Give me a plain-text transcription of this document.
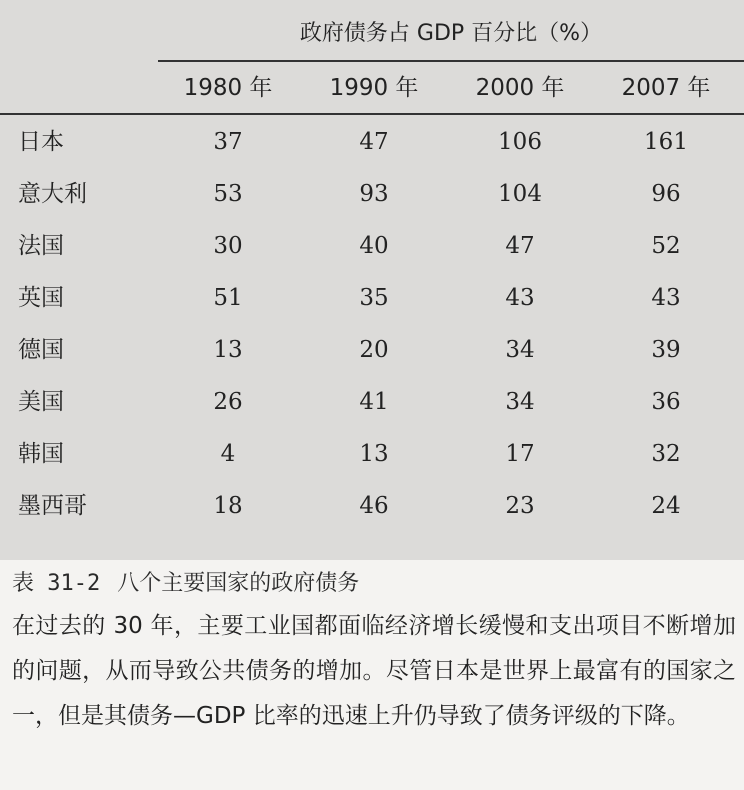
政府债务占 GDP 百分比（%）
1980 年	1990 年	2000 年	2007 年
日本	37	47	106	161
意大利	53	93	104	96
法国	30	40	47	52
英国	51	35	43	43
德国	13	20	34	39
美国	26	41	34	36
韩国	4	13	17	32
墨西哥	18	46	23	24
表 31-2 八个主要国家的政府债务
在过去的 30 年，主要工业国都面临经济增长缓慢和支出项目不断增加的问题，从而导致公共债务的增加。尽管日本是世界上最富有的国家之一，但是其债务—GDP 比率的迅速上升仍导致了债务评级的下降。
